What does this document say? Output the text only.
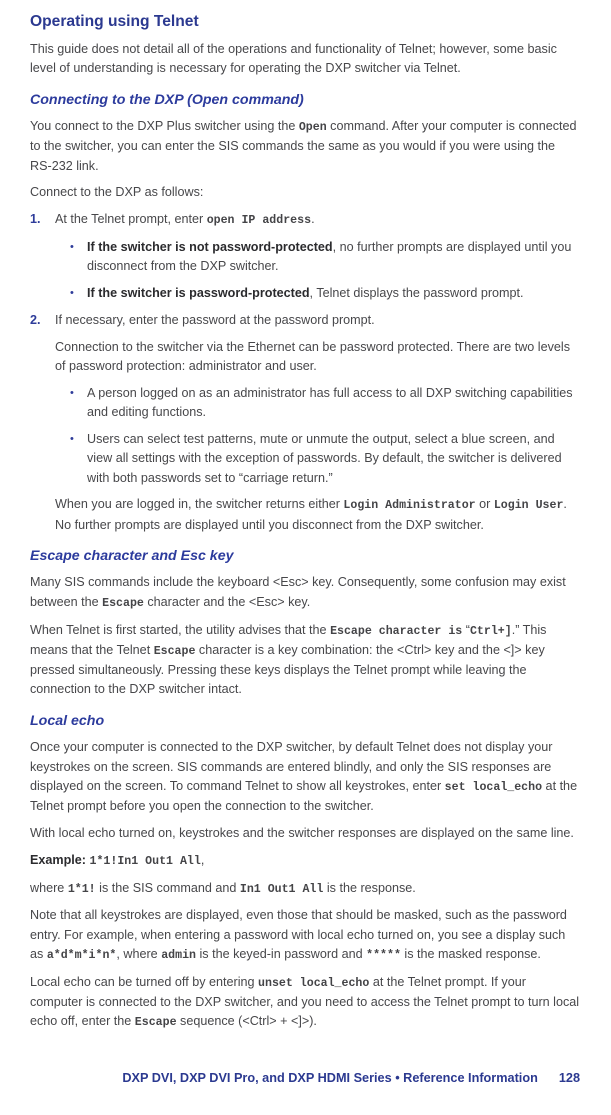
Operating using Telnet

This guide does not detail all of the operations and functionality of Telnet; however, some basic level of understanding is necessary for operating the DXP switcher via Telnet.

Connecting to the DXP (Open command)

You connect to the DXP Plus switcher using the Open command. After your computer is connected to the switcher, you can enter the SIS commands the same as you would if you were using the RS-232 link.

Connect to the DXP as follows:

1.	At the Telnet prompt, enter open IP address.
•	If the switcher is not password-protected, no further prompts are displayed until you disconnect from the DXP switcher.
•	If the switcher is password-protected, Telnet displays the password prompt.
2.	If necessary, enter the password at the password prompt.

Connection to the switcher via the Ethernet can be password protected. There are two levels of password protection: administrator and user.

•	A person logged on as an administrator has full access to all DXP switching capabilities and editing functions.
•	Users can select test patterns, mute or unmute the output, select a blue screen, and view all settings with the exception of passwords. By default, the switcher is delivered with both passwords set to “carriage return.”

When you are logged in, the switcher returns either Login Administrator or Login User. No further prompts are displayed until you disconnect from the DXP switcher.

Escape character and Esc key

Many SIS commands include the keyboard <Esc> key. Consequently, some confusion may exist between the Escape character and the <Esc> key.

When Telnet is first started, the utility advises that the Escape character is “Ctrl+].” This means that the Telnet Escape character is a key combination: the <Ctrl> key and the <]> key pressed simultaneously. Pressing these keys displays the Telnet prompt while leaving the connection to the DXP switcher intact.

Local echo

Once your computer is connected to the DXP switcher, by default Telnet does not display your keystrokes on the screen. SIS commands are entered blindly, and only the SIS responses are displayed on the screen. To command Telnet to show all keystrokes, enter set local_echo at the Telnet prompt before you open the connection to the switcher.

With local echo turned on, keystrokes and the switcher responses are displayed on the same line.

Example: 1*1!In1 Out1 All,

where 1*1! is the SIS command and In1 Out1 All is the response.

Note that all keystrokes are displayed, even those that should be masked, such as the password entry. For example, when entering a password with local echo turned on, you see a display such as a*d*m*i*n*, where admin is the keyed-in password and ***** is the masked response.

Local echo can be turned off by entering unset local_echo at the Telnet prompt. If your computer is connected to the DXP switcher, and you need to access the Telnet prompt to turn local echo off, enter the Escape sequence (<Ctrl> + <]>).

DXP DVI, DXP DVI Pro, and DXP HDMI Series • Reference Information 128
